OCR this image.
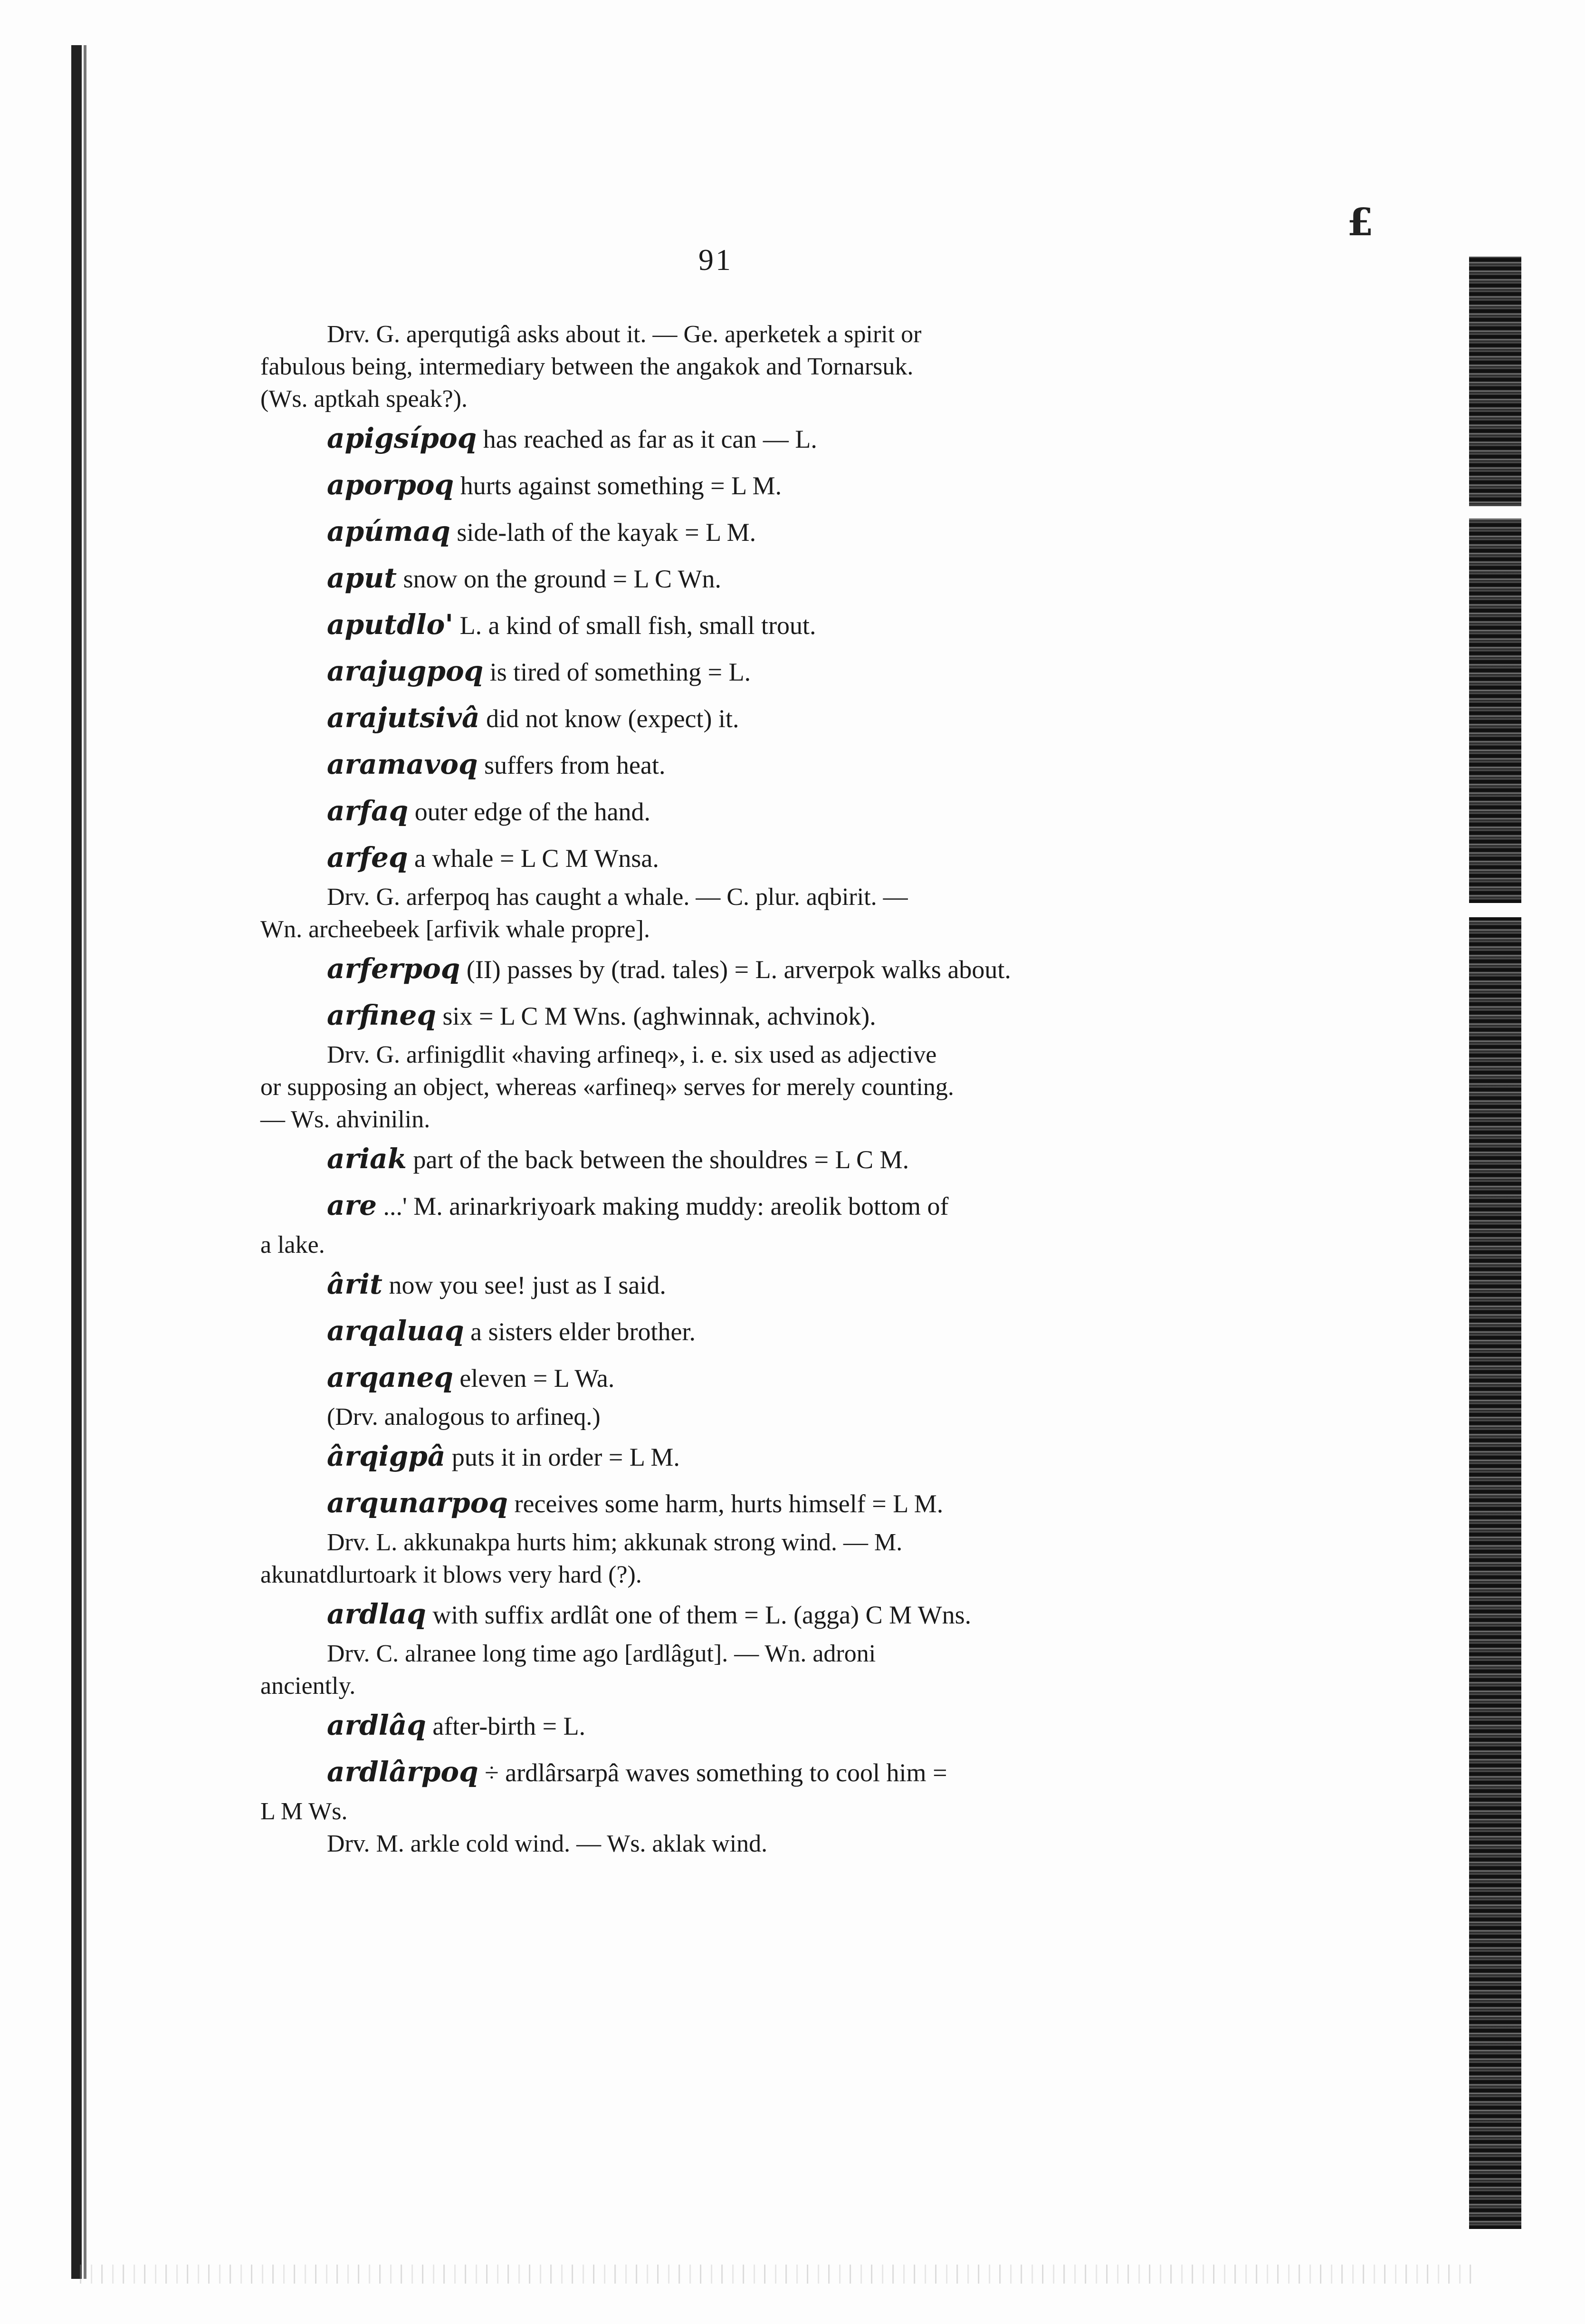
£
91
Drv. G. aperqutigâ asks about it. — Ge. aperketek a spirit or
fabulous being, intermediary between the angakok and Tornarsuk.
(Ws. aptkah speak?).
apigsípoq has reached as far as it can — L.
aporpoq hurts against something = L M.
apúmaq side-lath of the kayak = L M.
aput snow on the ground = L C Wn.
aputdlo' L. a kind of small fish, small trout.
arajugpoq is tired of something = L.
arajutsivâ did not know (expect) it.
aramavoq suffers from heat.
arfaq outer edge of the hand.
arfeq a whale = L C M Wnsa.
Drv. G. arferpoq has caught a whale. — C. plur. aqbirit. —
Wn. archeebeek [arfivik whale propre].
arferpoq (II) passes by (trad. tales) = L. arverpok walks about.
arfineq six = L C M Wns. (aghwinnak, achvinok).
Drv. G. arfinigdlit «having arfineq», i. e. six used as adjective
or supposing an object, whereas «arfineq» serves for merely counting.
— Ws. ahvinilin.
ariak part of the back between the shouldres = L C M.
are ...' M. arinarkriyoark making muddy: areolik bottom of
a lake.
ârit now you see! just as I said.
arqaluaq a sisters elder brother.
arqaneq eleven = L Wa.
(Drv. analogous to arfineq.)
ârqigpâ puts it in order = L M.
arqunarpoq receives some harm, hurts himself = L M.
Drv. L. akkunakpa hurts him; akkunak strong wind. — M.
akunatdlurtoark it blows very hard (?).
ardlaq with suffix ardlât one of them = L. (agga) C M Wns.
Drv. C. alranee long time ago [ardlâgut]. — Wn. adroni
anciently.
ardlâq after-birth = L.
ardlârpoq ÷ ardlârsarpâ waves something to cool him =
L M Ws.
Drv. M. arkle cold wind. — Ws. aklak wind.
